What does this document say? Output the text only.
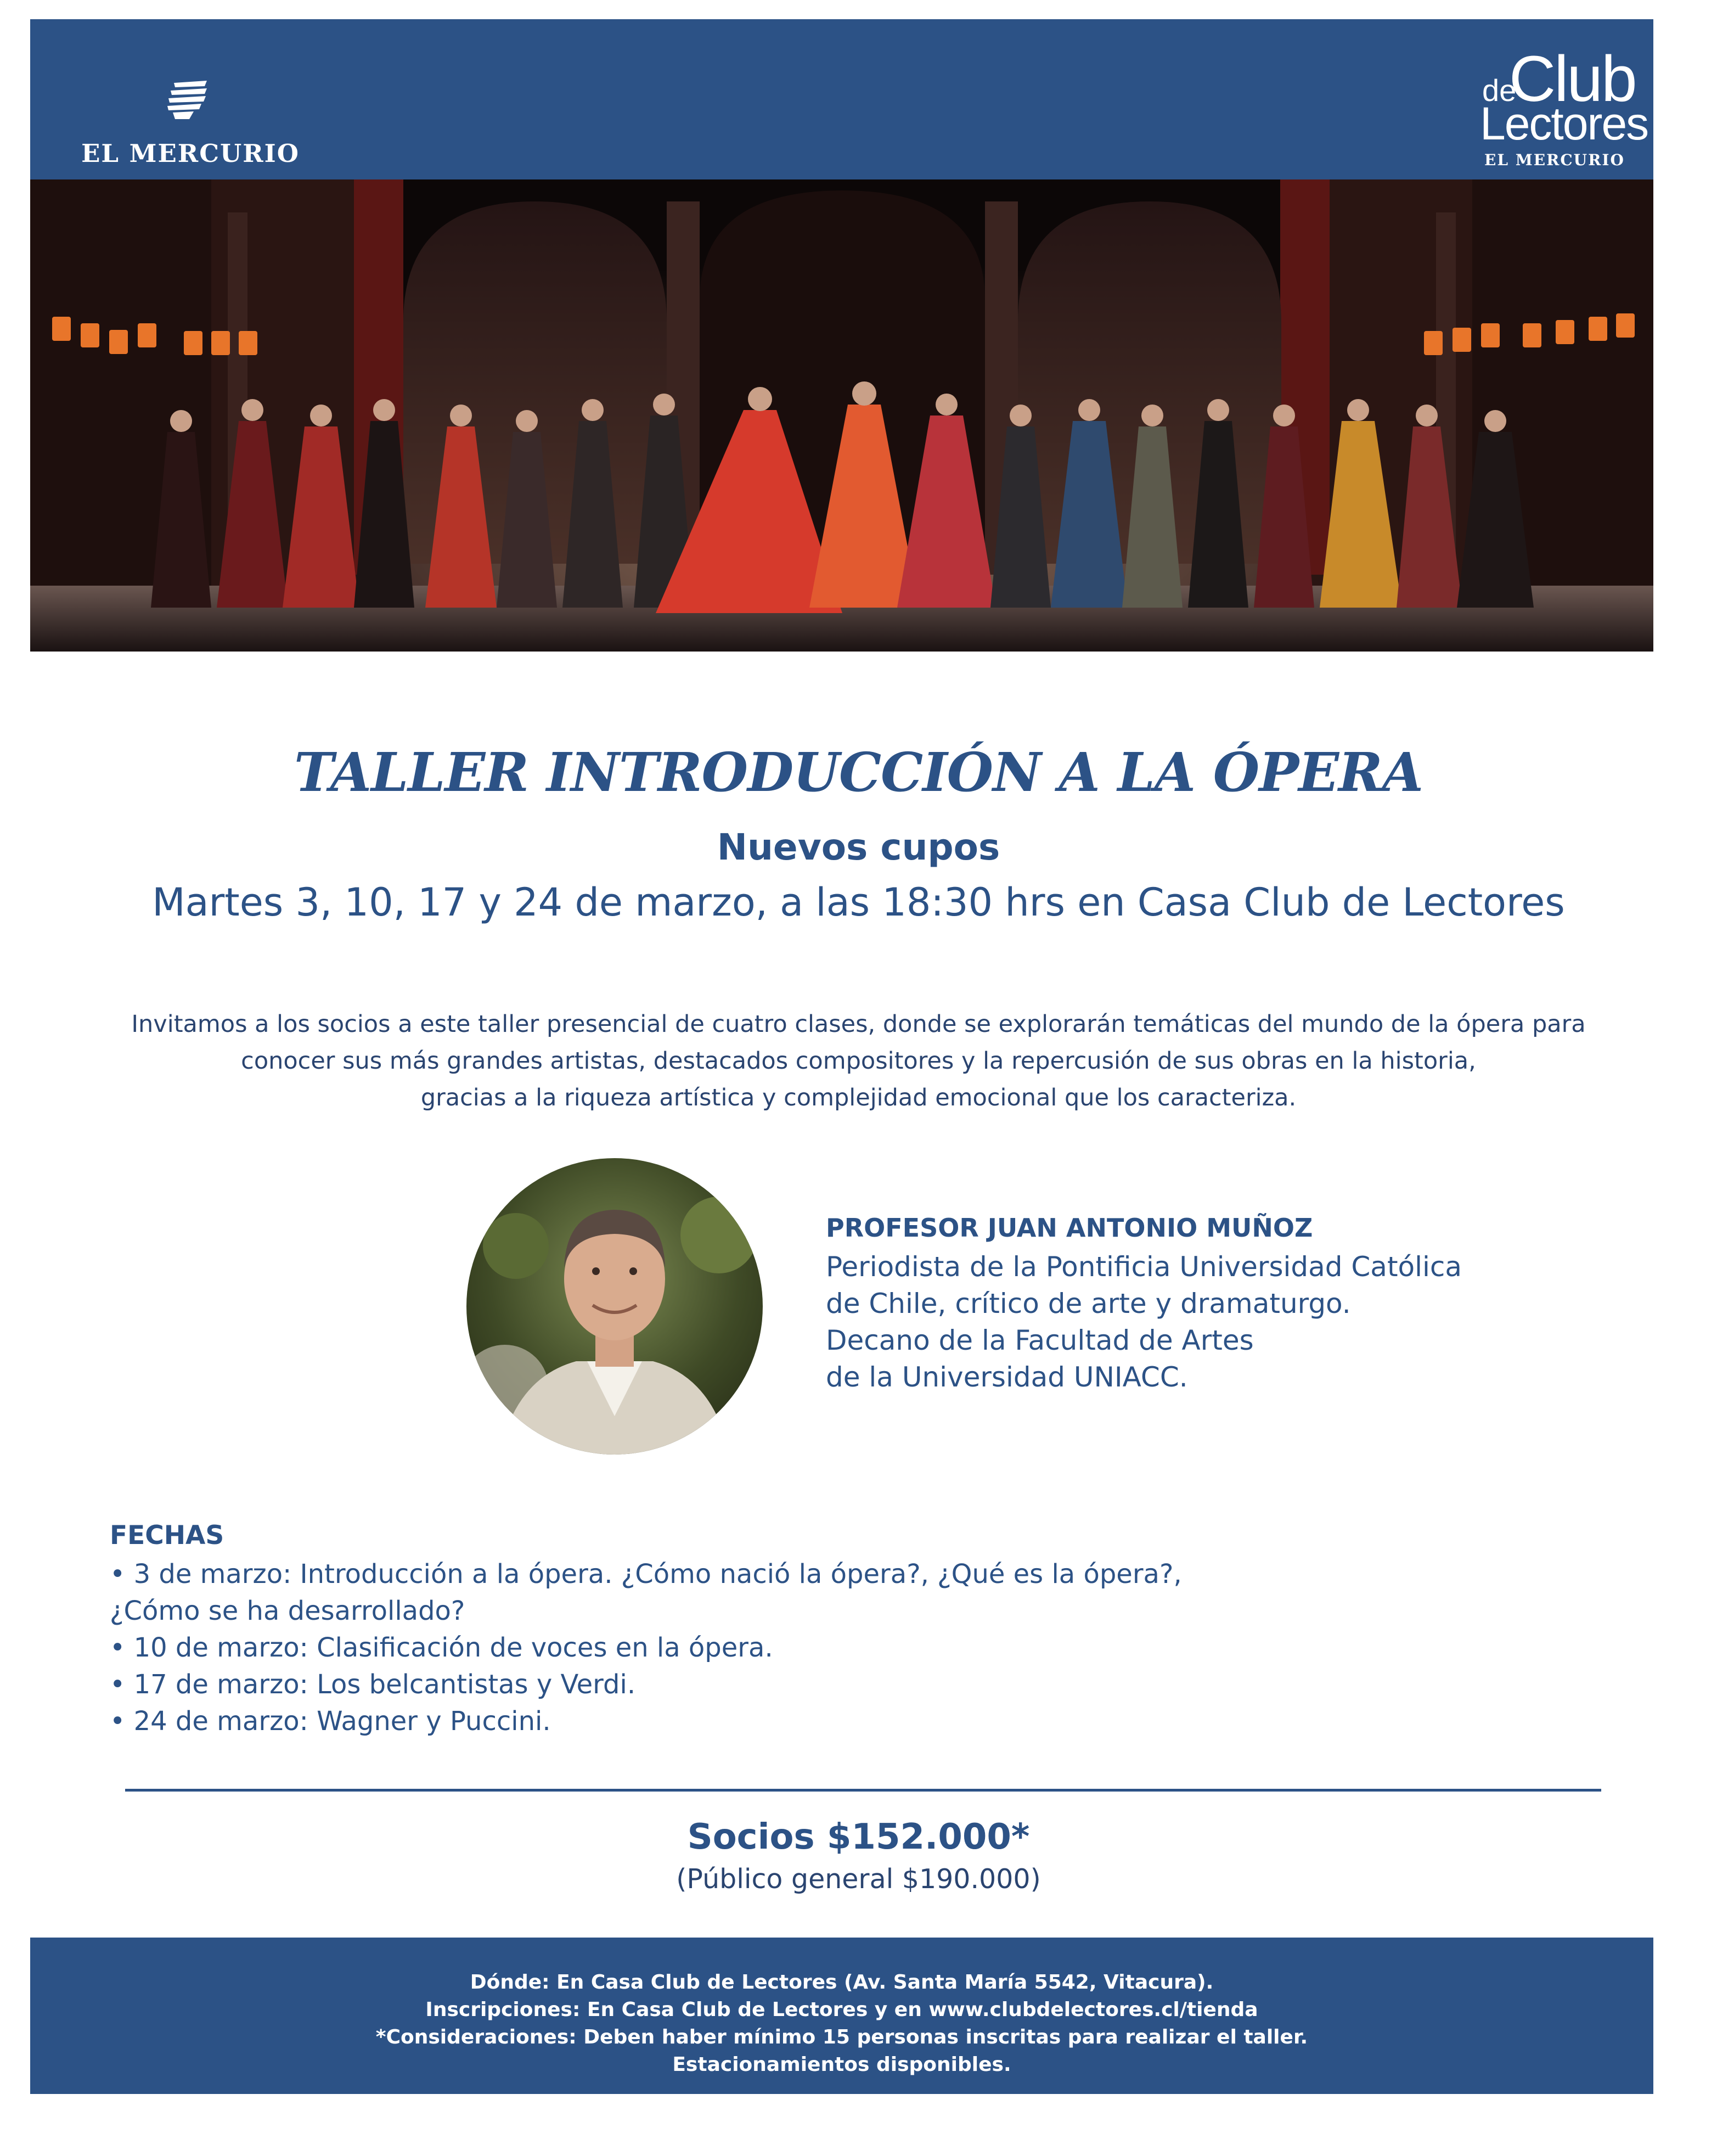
EL MERCURIO
Club
de
Lectores
EL MERCURIO
TALLER INTRODUCCIÓN A LA ÓPERA
Nuevos cupos
Martes 3, 10, 17 y 24 de marzo, a las 18:30 hrs en Casa Club de Lectores
Invitamos a los socios a este taller presencial de cuatro clases, donde se explorarán temáticas del mundo de la ópera para
conocer sus más grandes artistas, destacados compositores y la repercusión de sus obras en la historia,
gracias a la riqueza artística y complejidad emocional que los caracteriza.
PROFESOR JUAN ANTONIO MUÑOZ
Periodista de la Pontificia Universidad Católica
de Chile, crítico de arte y dramaturgo.
Decano de la Facultad de Artes
de la Universidad UNIACC.
FECHAS
• 3 de marzo: Introducción a la ópera. ¿Cómo nació la ópera?, ¿Qué es la ópera?,
¿Cómo se ha desarrollado?
• 10 de marzo: Clasificación de voces en la ópera.
• 17 de marzo: Los belcantistas y Verdi.
• 24 de marzo: Wagner y Puccini.
Socios $152.000*
(Público general $190.000)
Dónde: En Casa Club de Lectores (Av. Santa María 5542, Vitacura).
Inscripciones: En Casa Club de Lectores y en www.clubdelectores.cl/tienda
*Consideraciones: Deben haber mínimo 15 personas inscritas para realizar el taller.
Estacionamientos disponibles.
